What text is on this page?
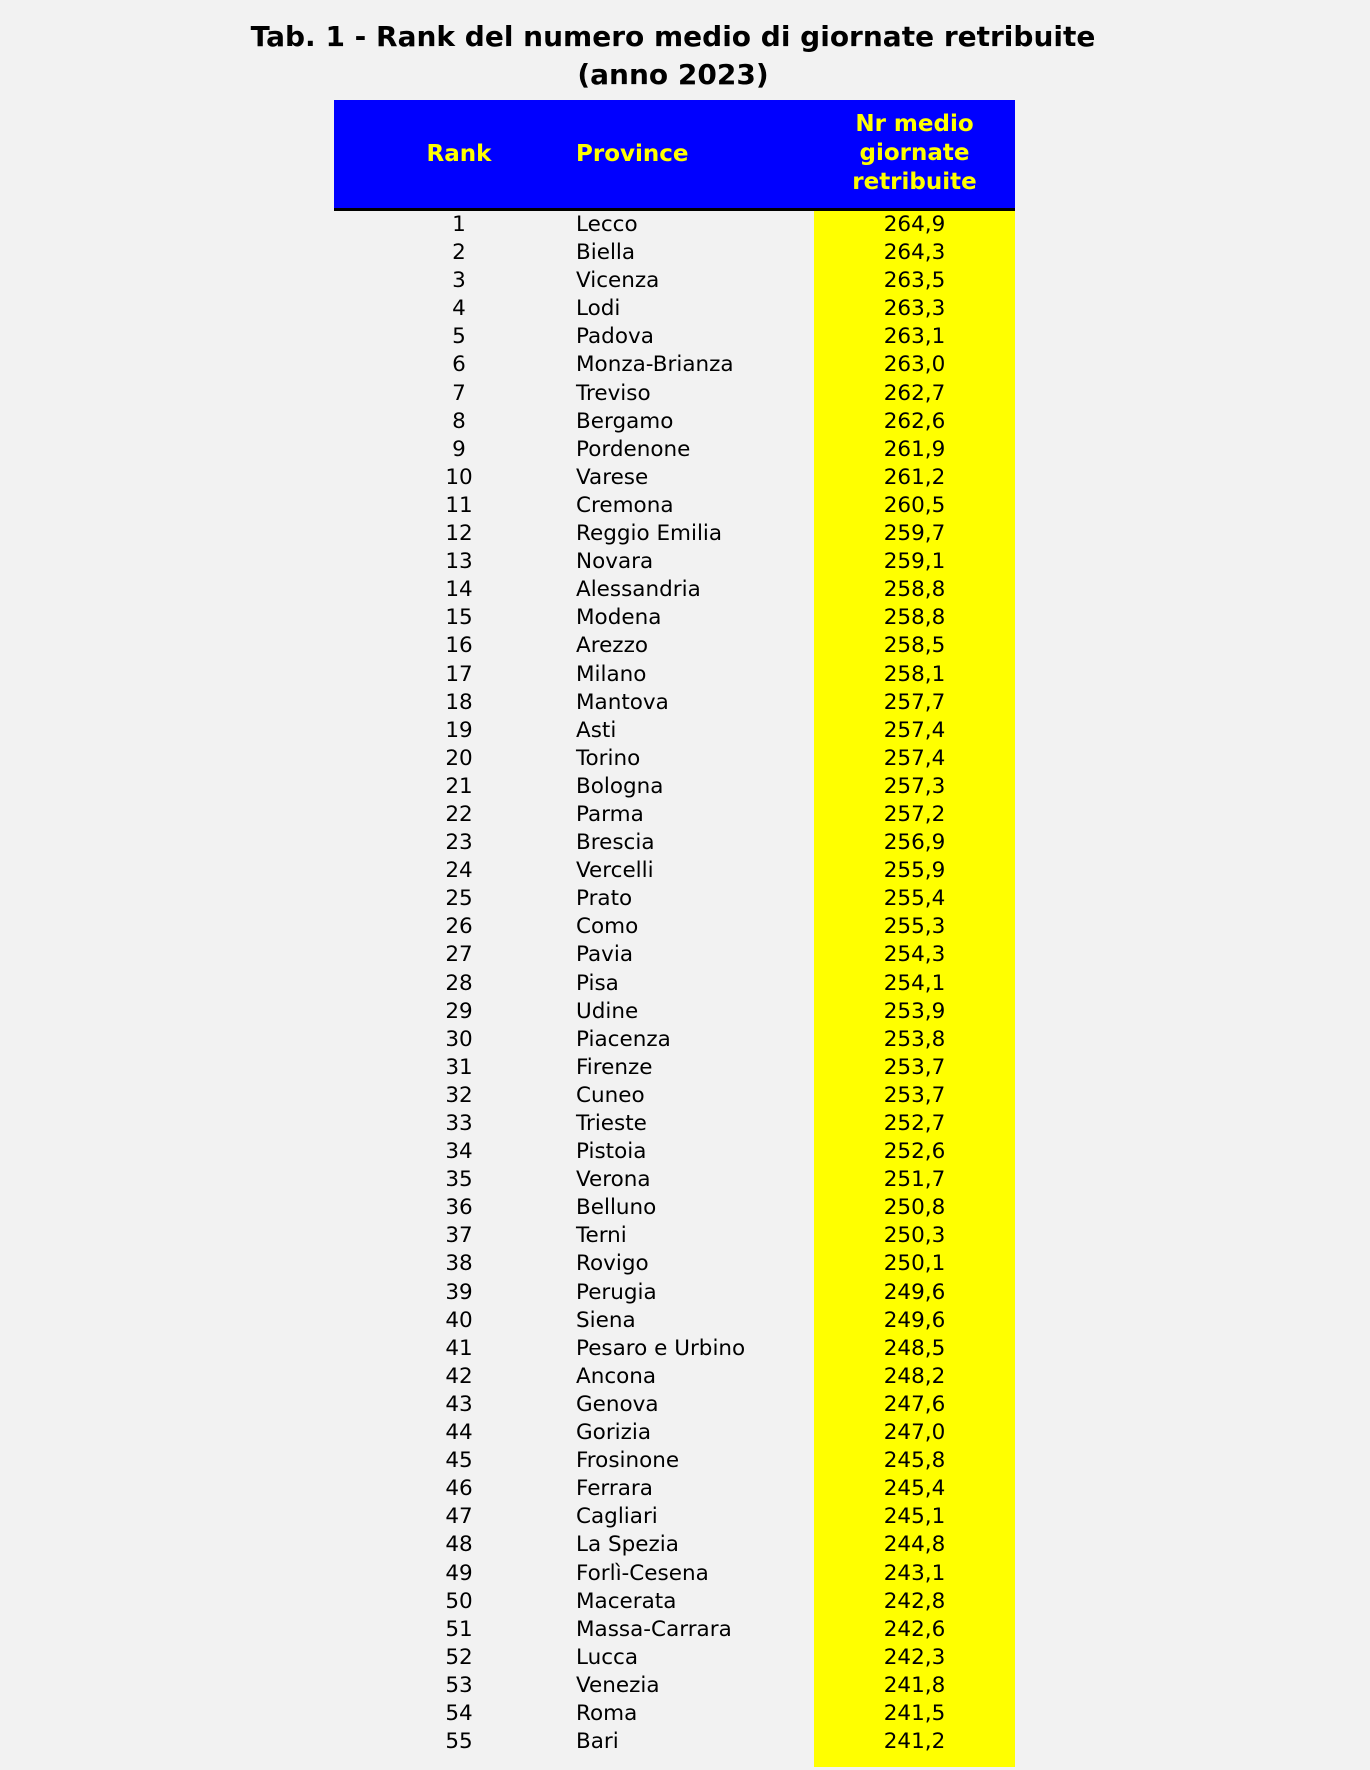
Tab. 1 - Rank del numero medio di giornate retribuite
(anno 2023)
Rank	Province
Nr medio
giornate
retribuite
1	Lecco	264,9
2	Biella	264,3
3	Vicenza	263,5
4	Lodi	263,3
5	Padova	263,1
6	Monza-Brianza	263,0
7	Treviso	262,7
8	Bergamo	262,6
9	Pordenone	261,9
10	Varese	261,2
11	Cremona	260,5
12	Reggio Emilia	259,7
13	Novara	259,1
14	Alessandria	258,8
15	Modena	258,8
16	Arezzo	258,5
17	Milano	258,1
18	Mantova	257,7
19	Asti	257,4
20	Torino	257,4
21	Bologna	257,3
22	Parma	257,2
23	Brescia	256,9
24	Vercelli	255,9
25	Prato	255,4
26	Como	255,3
27	Pavia	254,3
28	Pisa	254,1
29	Udine	253,9
30	Piacenza	253,8
31	Firenze	253,7
32	Cuneo	253,7
33	Trieste	252,7
34	Pistoia	252,6
35	Verona	251,7
36	Belluno	250,8
37	Terni	250,3
38	Rovigo	250,1
39	Perugia	249,6
40	Siena	249,6
41	Pesaro e Urbino	248,5
42	Ancona	248,2
43	Genova	247,6
44	Gorizia	247,0
45	Frosinone	245,8
46	Ferrara	245,4
47	Cagliari	245,1
48	La Spezia	244,8
49	Forlì-Cesena	243,1
50	Macerata	242,8
51	Massa-Carrara	242,6
52	Lucca	242,3
53	Venezia	241,8
54	Roma	241,5
55	Bari	241,2
